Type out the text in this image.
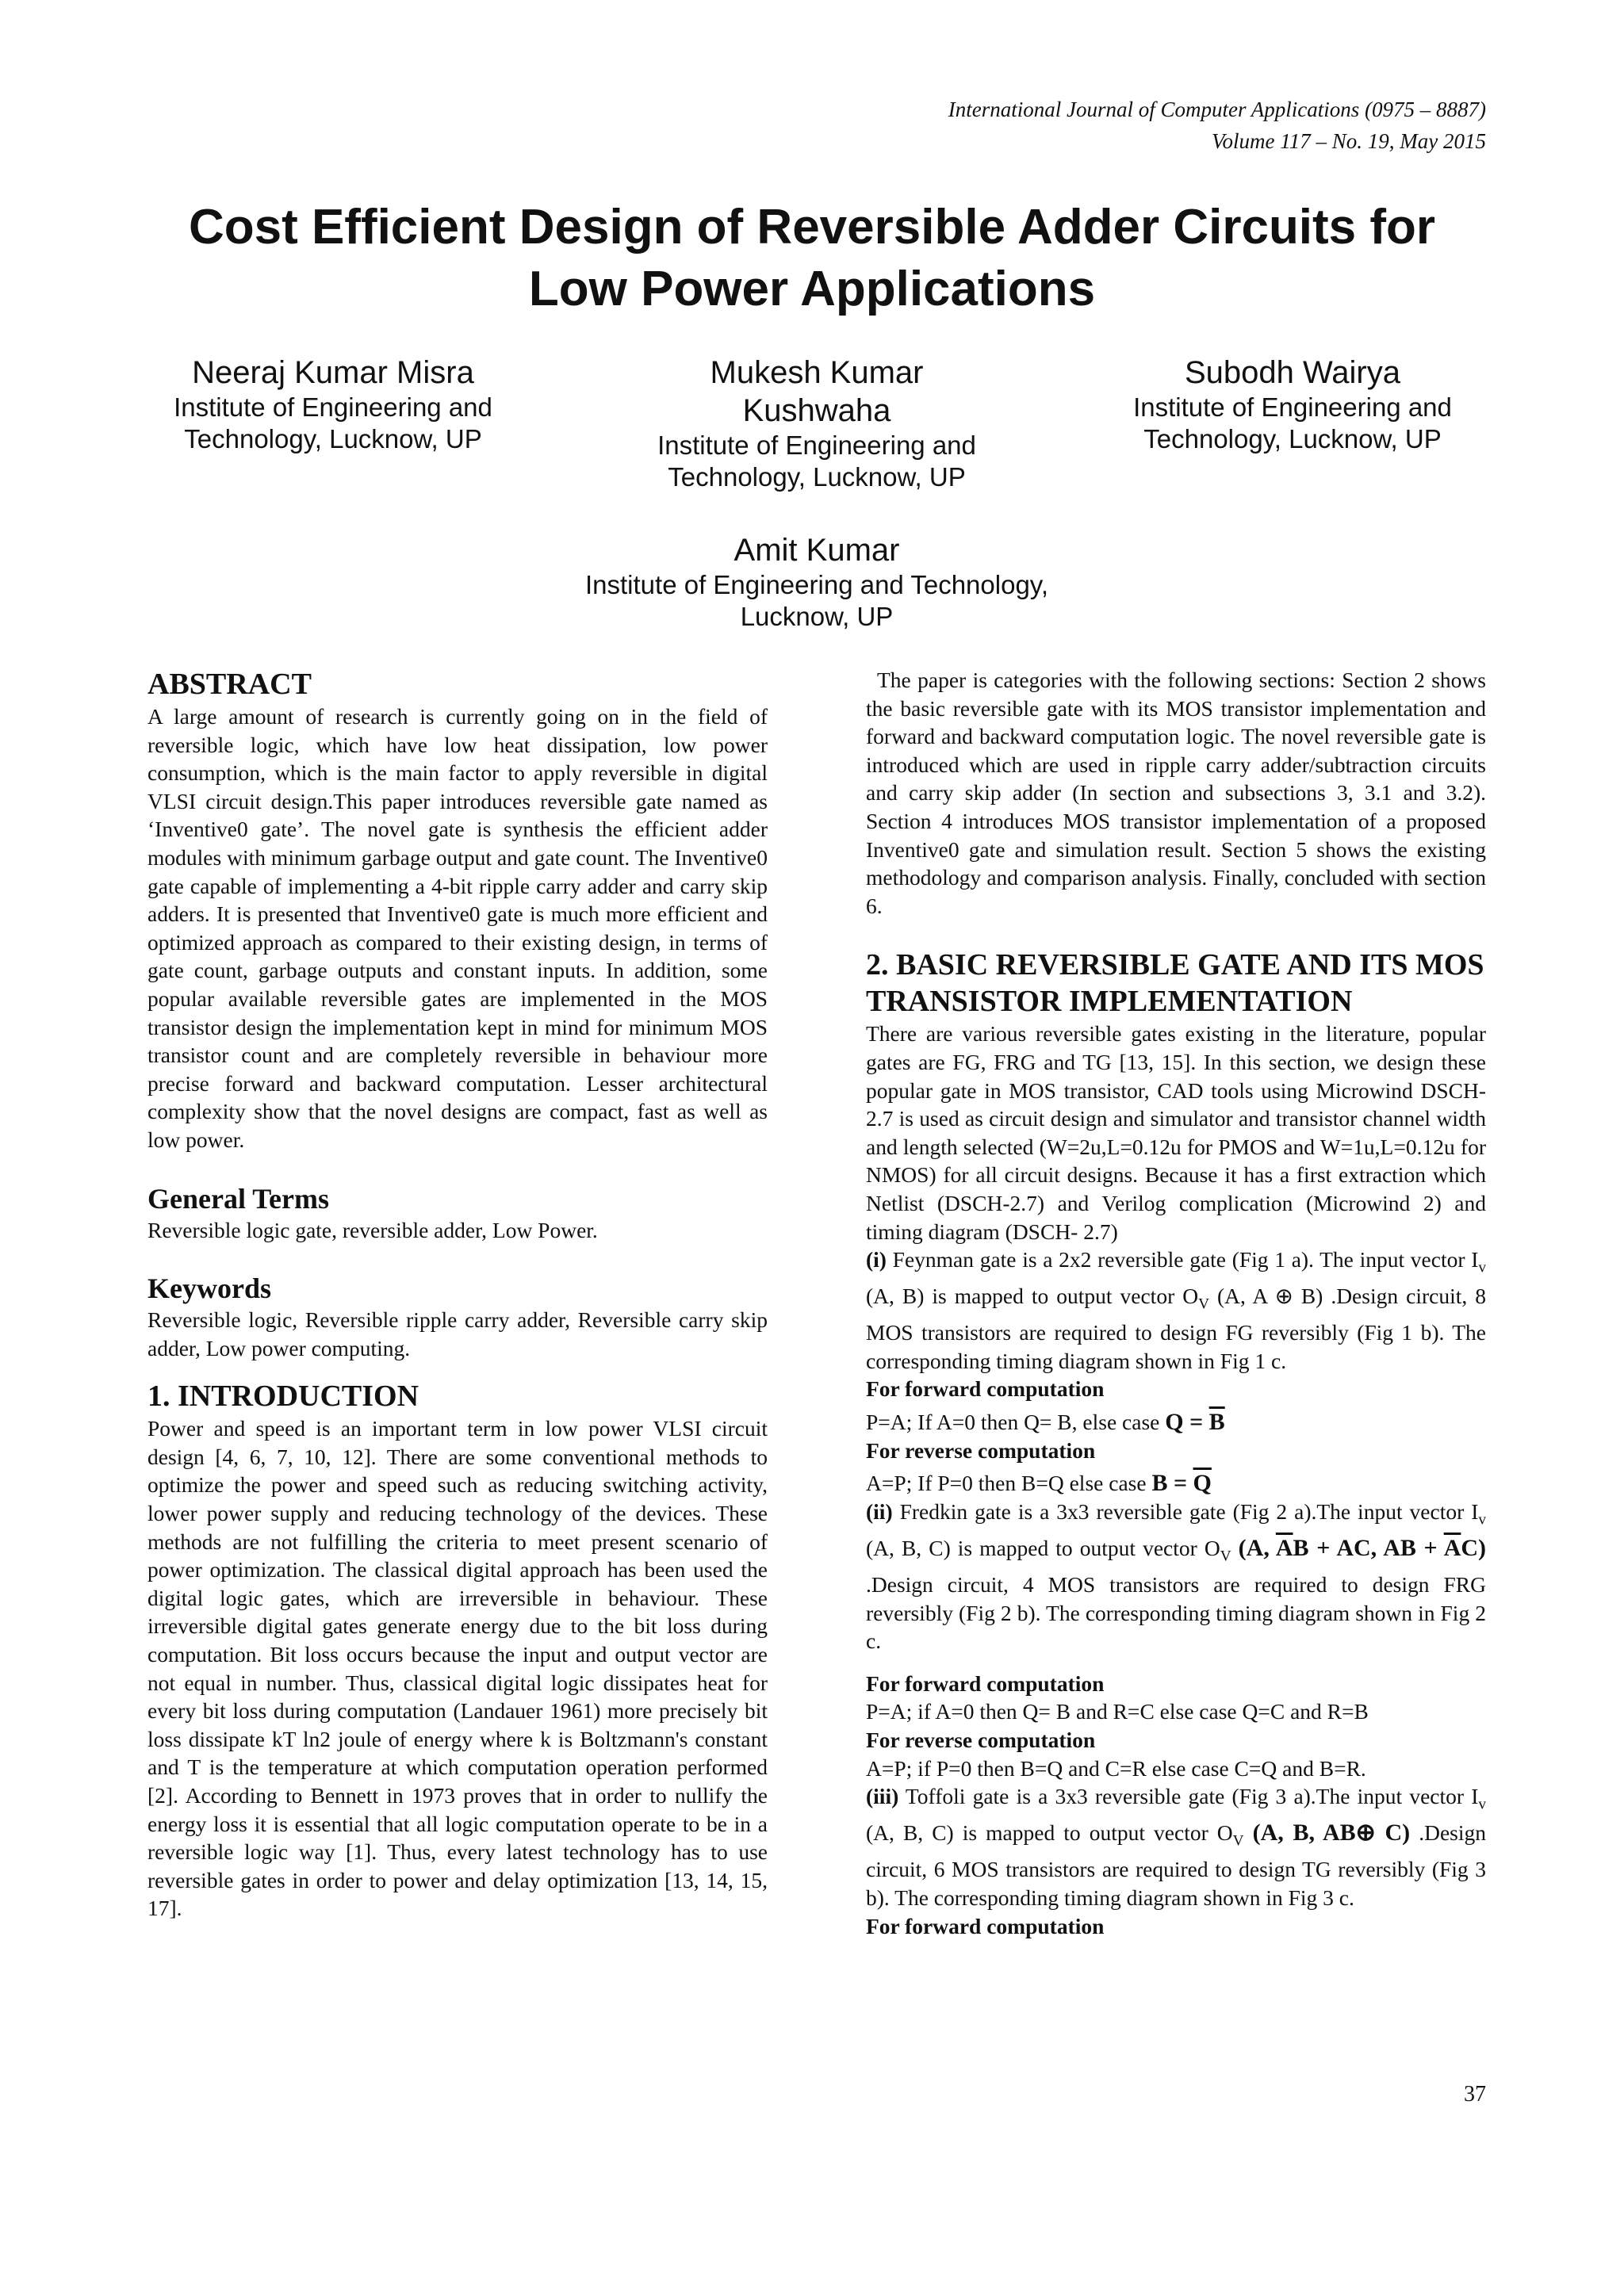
International Journal of Computer Applications (0975 – 8887)
Volume 117 – No. 19, May 2015
Cost Efficient Design of Reversible Adder Circuits for
Low Power Applications
Neeraj Kumar Misra
Institute of Engineering and
Technology, Lucknow, UP
Mukesh Kumar
Kushwaha
Institute of Engineering and
Technology, Lucknow, UP
Subodh Wairya
Institute of Engineering and
Technology, Lucknow, UP
Amit Kumar
Institute of Engineering and Technology,
Lucknow, UP
ABSTRACT

A large amount of research is currently going on in the field of reversible logic, which have low heat dissipation, low power consumption, which is the main factor to apply reversible in digital VLSI circuit design.This paper introduces reversible gate named as ‘Inventive0 gate’. The novel gate is synthesis the efficient adder modules with minimum garbage output and gate count. The Inventive0 gate capable of implementing a 4-bit ripple carry adder and carry skip adders. It is presented that Inventive0 gate is much more efficient and optimized approach as compared to their existing design, in terms of gate count, garbage outputs and constant inputs. In addition, some popular available reversible gates are implemented in the MOS transistor design the implementation kept in mind for minimum MOS transistor count and are completely reversible in behaviour more precise forward and backward computation. Lesser architectural complexity show that the novel designs are compact, fast as well as low power.

General Terms

Reversible logic gate, reversible adder, Low Power.

Keywords

Reversible logic, Reversible ripple carry adder, Reversible carry skip adder, Low power computing.

1. INTRODUCTION

Power and speed is an important term in low power VLSI circuit design [4, 6, 7, 10, 12]. There are some conventional methods to optimize the power and speed such as reducing switching activity, lower power supply and reducing technology of the devices. These methods are not fulfilling the criteria to meet present scenario of power optimization. The classical digital approach has been used the digital logic gates, which are irreversible in behaviour. These irreversible digital gates generate energy due to the bit loss during computation. Bit loss occurs because the input and output vector are not equal in number. Thus, classical digital logic dissipates heat for every bit loss during computation (Landauer 1961) more precisely bit loss dissipate kT ln2 joule of energy where k is Boltzmann's constant and T is the temperature at which computation operation performed [2]. According to Bennett in 1973 proves that in order to nullify the energy loss it is essential that all logic computation operate to be in a reversible logic way [1]. Thus, every latest technology has to use reversible gates in order to power and delay optimization [13, 14, 15, 17].

The paper is categories with the following sections: Section 2 shows the basic reversible gate with its MOS transistor implementation and forward and backward computation logic. The novel reversible gate is introduced which are used in ripple carry adder/subtraction circuits and carry skip adder (In section and subsections 3, 3.1 and 3.2). Section 4 introduces MOS transistor implementation of a proposed Inventive0 gate and simulation result. Section 5 shows the existing methodology and comparison analysis. Finally, concluded with section 6.

2. BASIC REVERSIBLE GATE AND ITS MOS TRANSISTOR IMPLEMENTATION

There are various reversible gates existing in the literature, popular gates are FG, FRG and TG [13, 15]. In this section, we design these popular gate in MOS transistor, CAD tools using Microwind DSCH-2.7 is used as circuit design and simulator and transistor channel width and length selected (W=2u,L=0.12u for PMOS and W=1u,L=0.12u for NMOS) for all circuit designs. Because it has a first extraction which Netlist (DSCH-2.7) and Verilog complication (Microwind 2) and timing diagram (DSCH- 2.7)

(i) Feynman gate is a 2x2 reversible gate (Fig 1 a). The input vector $I_v$ (A, B) is mapped to output vector $O_V$ (A, A ⊕ B) .Design circuit, 8 MOS transistors are required to design FG reversibly (Fig 1 b). The corresponding timing diagram shown in Fig 1 c.

For forward computation

P=A; If A=0 then Q= B, else case $Q = \overline{B}$

For reverse computation

A=P; If P=0 then B=Q else case $B = \overline{Q}$

(ii) Fredkin gate is a 3x3 reversible gate (Fig 2 a).The input vector $I_v$ (A, B, C) is mapped to output vector $O_V$ (A, $\overline{A}B$ + AC, AB + $\overline{A}C$) .Design circuit, 4 MOS transistors are required to design FRG reversibly (Fig 2 b). The corresponding timing diagram shown in Fig 2 c.

For forward computation

P=A; if A=0 then Q= B and R=C else case Q=C and R=B

For reverse computation

A=P; if P=0 then B=Q and C=R else case C=Q and B=R.

(iii) Toffoli gate is a 3x3 reversible gate (Fig 3 a).The input vector $I_v$ (A, B, C) is mapped to output vector $O_V$ (A, B, AB⊕ C) .Design circuit, 6 MOS transistors are required to design TG reversibly (Fig 3 b). The corresponding timing diagram shown in Fig 3 c.

For forward computation

37
